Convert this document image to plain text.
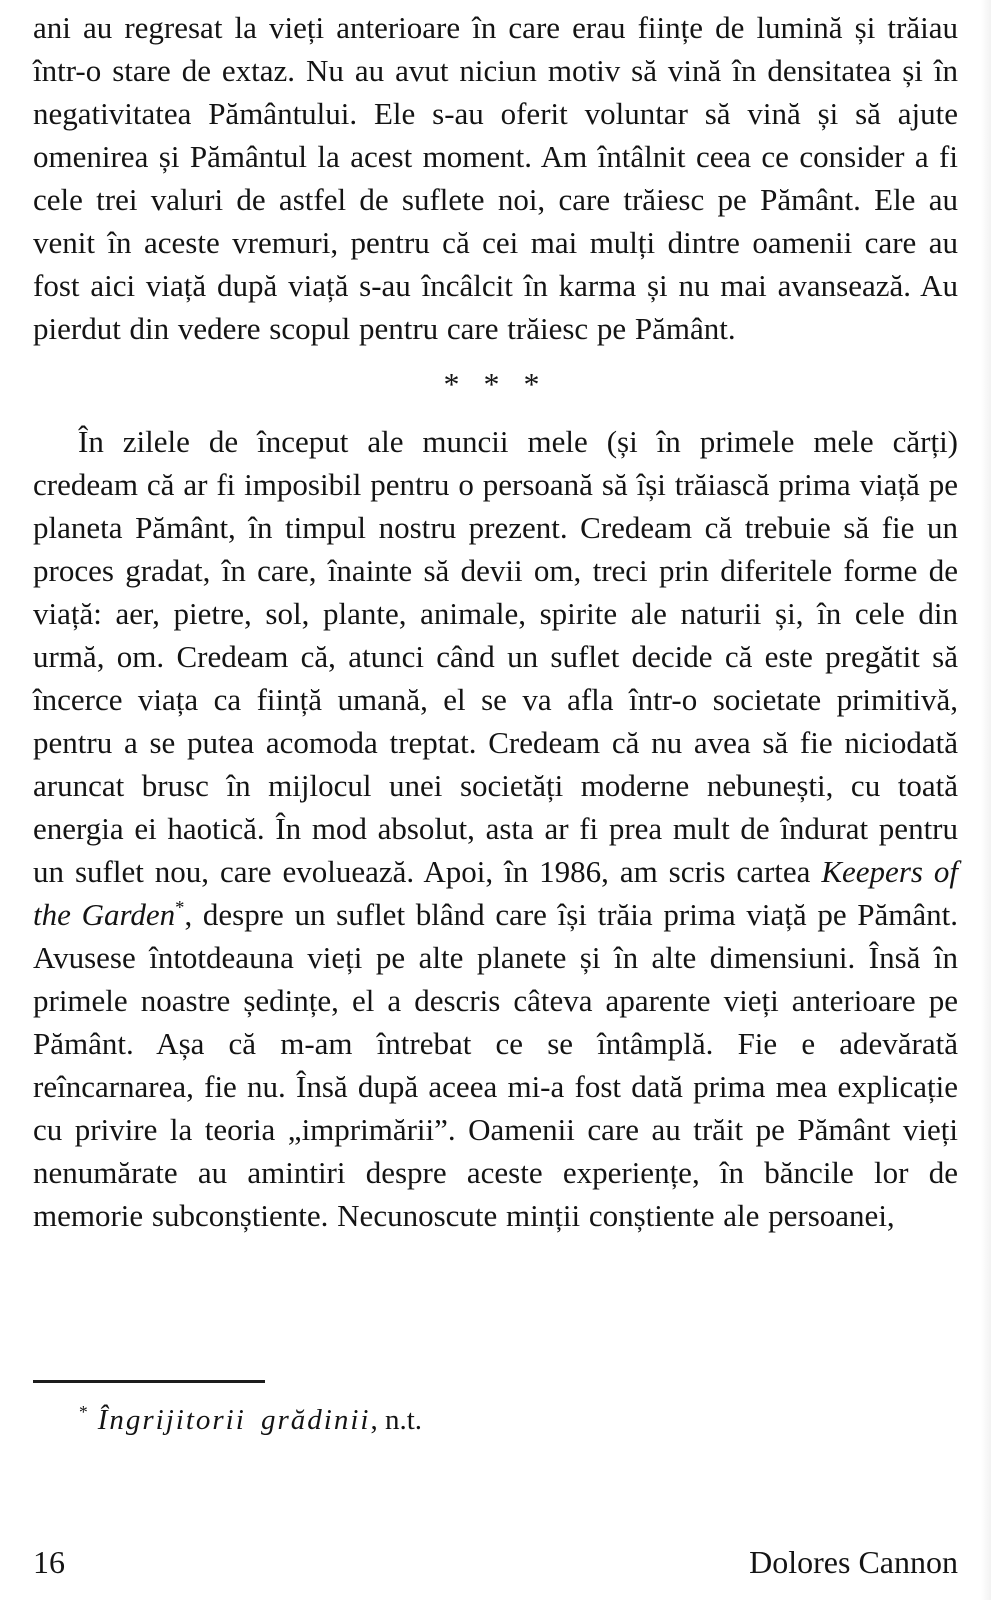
ani au regresat la vieți anterioare în care erau ființe de lumină și trăiau într-o stare de extaz. Nu au avut niciun motiv să vină în densitatea și în negativitatea Pământului. Ele s-au oferit voluntar să vină și să ajute omenirea și Pământul la acest moment. Am întâlnit ceea ce consider a fi cele trei valuri de astfel de suflete noi, care trăiesc pe Pământ. Ele au venit în aceste vremuri, pentru că cei mai mulți dintre oamenii care au fost aici viață după viață s-au încâlcit în karma și nu mai avansează. Au pierdut din vedere scopul pentru care trăiesc pe Pământ.

* * *

În zilele de început ale muncii mele (și în primele mele cărți) credeam că ar fi imposibil pentru o persoană să își trăiască prima viață pe planeta Pământ, în timpul nostru prezent. Credeam că trebuie să fie un proces gradat, în care, înainte să devii om, treci prin diferitele forme de viață: aer, pietre, sol, plante, animale, spirite ale naturii și, în cele din urmă, om. Credeam că, atunci când un suflet decide că este pregătit să încerce viața ca ființă umană, el se va afla într-o societate primitivă, pentru a se putea acomoda treptat. Credeam că nu avea să fie niciodată aruncat brusc în mijlocul unei societăți moderne nebunești, cu toată energia ei haotică. În mod absolut, asta ar fi prea mult de îndurat pentru un suflet nou, care evoluează. Apoi, în 1986, am scris cartea Keepers of the Garden*, despre un suflet blând care își trăia prima viață pe Pământ. Avusese întotdeauna vieți pe alte planete și în alte dimensiuni. Însă în primele noastre ședințe, el a descris câteva aparente vieți anterioare pe Pământ. Așa că m-am întrebat ce se întâmplă. Fie e adevărată reîncarnarea, fie nu. Însă după aceea mi-a fost dată prima mea explicație cu privire la teoria „imprimării”. Oamenii care au trăit pe Pământ vieți nenumărate au amintiri despre aceste experiențe, în băncile lor de memorie subconștiente. Necunoscute minții conștiente ale persoanei,

* Îngrijitorii grădinii, n.t.
16	Dolores Cannon
